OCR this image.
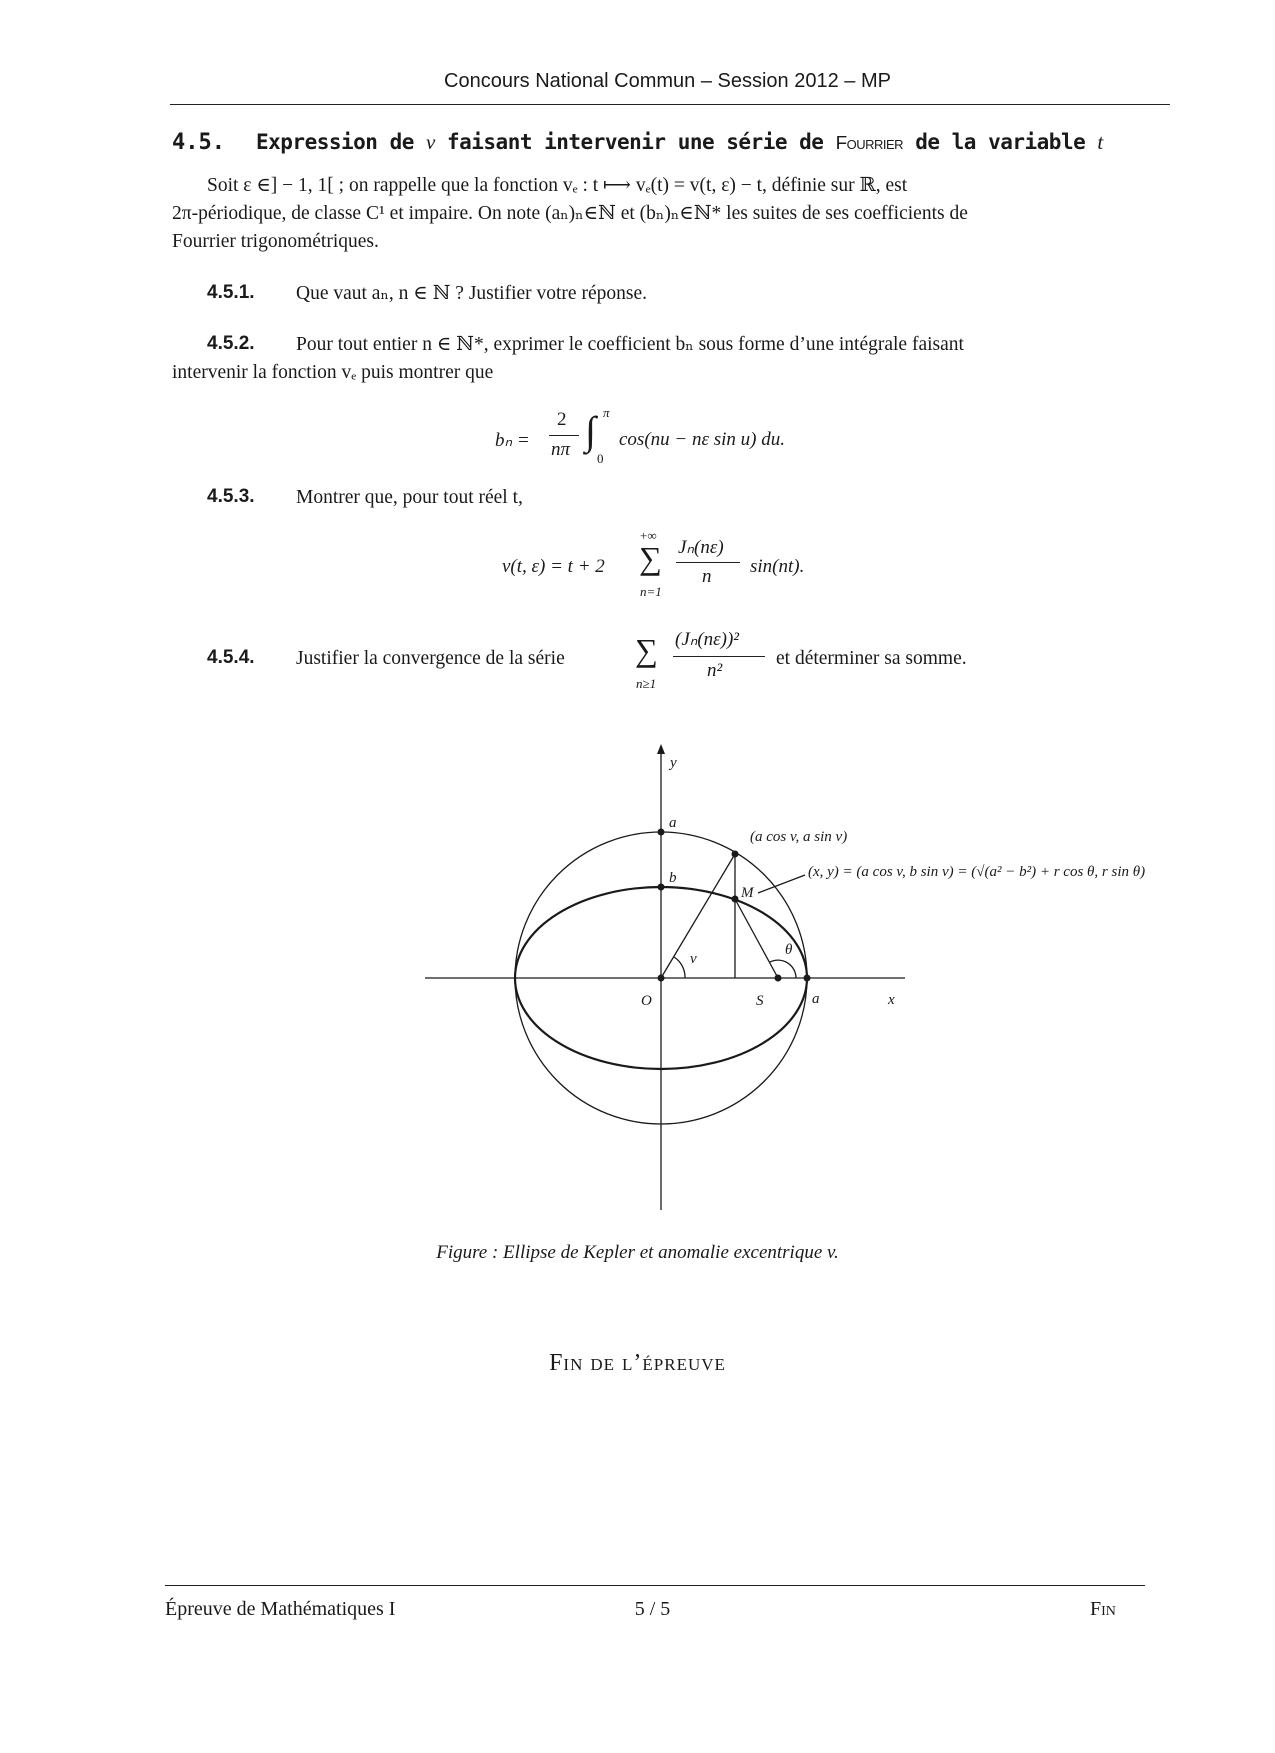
Concours National Commun – Session 2012 – MP
4.5. Expression de v faisant intervenir une série de Fourrier de la variable t
Soit ε ∈] − 1, 1[ ; on rappelle que la fonction vₑ : t ⟼ vₑ(t) = v(t, ε) − t, définie sur ℝ, est
2π-périodique, de classe C¹ et impaire. On note (aₙ)ₙ∈ℕ et (bₙ)ₙ∈ℕ* les suites de ses coefficients de
Fourrier trigonométriques.
4.5.1. Que vaut aₙ, n ∈ ℕ ? Justifier votre réponse.
4.5.2. Pour tout entier n ∈ ℕ*, exprimer le coefficient bₙ sous forme d’une intégrale faisant
intervenir la fonction vₑ puis montrer que
bₙ =
2
nπ ∫ π
0
cos(nu − nε sin u) du.
4.5.3. Montrer que, pour tout réel t,
v(t, ε) = t + 2
+∞
∑
n=1
Jₙ(nε)
n sin(nt).
4.5.4. Justifier la convergence de la série ∑
n≥1
(Jₙ(nε))²
n²
et déterminer sa somme.
y
x
O	S	a
a
b
M
v
θ
(a cos v, a sin v)
(x, y) = (a cos v, b sin v) = (√(a² − b²) + r cos θ, r sin θ)
Figure : Ellipse de Kepler et anomalie excentrique v.
Fin de l’épreuve
Épreuve de Mathématiques I	5 / 5	Fin
